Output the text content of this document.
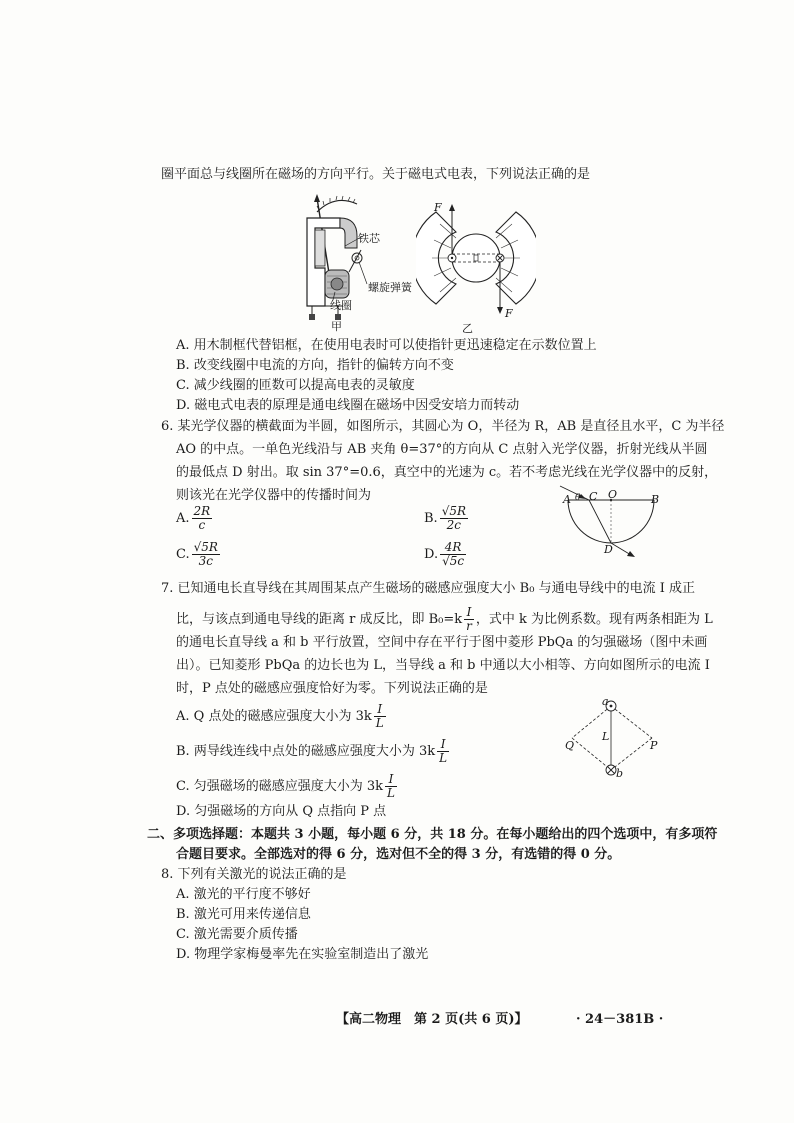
圈平面总与线圈所在磁场的方向平行。关于磁电式电表，下列说法正确的是
铁芯
螺旋弹簧
线圈
甲
F
F
乙
A. 用木制框代替铝框，在使用电表时可以使指针更迅速稳定在示数位置上
B. 改变线圈中电流的方向，指针的偏转方向不变
C. 减少线圈的匝数可以提高电表的灵敏度
D. 磁电式电表的原理是通电线圈在磁场中因受安培力而转动
6. 某光学仪器的横截面为半圆，如图所示，其圆心为 O，半径为 R，AB 是直径且水平，C 为半径
AO 的中点。一单色光线沿与 AB 夹角 θ=37°的方向从 C 点射入光学仪器，折射光线从半圆
的最低点 D 射出。取 sin 37°=0.6，真空中的光速为 c。若不考虑光线在光学仪器中的反射，
则该光在光学仪器中的传播时间为
A. $\frac{2R}{c}$	B. $\frac{√5R}{2c}$
C. $\frac{√5R}{3c}$	D. $\frac{4R}{√5c}$
A C
θ	O	B
D
7. 已知通电长直导线在其周围某点产生磁场的磁感应强度大小 B₀ 与通电导线中的电流 I 成正
比，与该点到通电导线的距离 r 成反比，即 $B_0=k \frac{I}{r}$ ，式中 k 为比例系数。现有两条相距为 L
的通电长直导线 a 和 b 平行放置，空间中存在平行于图中菱形 PbQa 的匀强磁场（图中未画
出）。已知菱形 PbQa 的边长也为 L，当导线 a 和 b 中通以大小相等、方向如图所示的电流 I
时，P 点处的磁感应强度恰好为零。下列说法正确的是
A. Q 点处的磁感应强度大小为 $3k \frac{I}{L}$
B. 两导线连线中点处的磁感应强度大小为 $3k \frac{I}{L}$
C. 匀强磁场的磁感应强度大小为 $3k \frac{I}{L}$
D. 匀强磁场的方向从 Q 点指向 P 点
a
b
Q	P
L
二、多项选择题：本题共 3 小题，每小题 6 分，共 18 分。在每小题给出的四个选项中，有多项符
合题目要求。全部选对的得 6 分，选对但不全的得 3 分，有选错的得 0 分。
8. 下列有关激光的说法正确的是
A. 激光的平行度不够好
B. 激光可用来传递信息
C. 激光需要介质传播
D. 物理学家梅曼率先在实验室制造出了激光
【高二物理　第 2 页(共 6 页)】	· 24－381B ·
